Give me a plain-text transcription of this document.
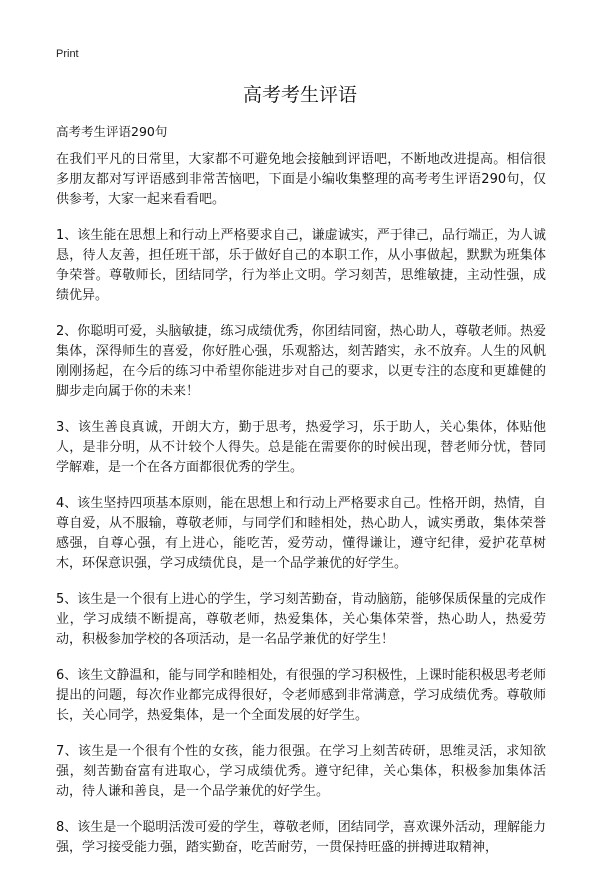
Print
高考考生评语
高考考生评语290句

在我们平凡的日常里，大家都不可避免地会接触到评语吧，不断地改进提高。相信很多朋友都对写评语感到非常苦恼吧，下面是小编收集整理的高考考生评语290句，仅供参考，大家一起来看看吧。

1、该生能在思想上和行动上严格要求自己，谦虚诚实，严于律己，品行端正，为人诚恳，待人友善，担任班干部，乐于做好自己的本职工作，从小事做起，默默为班集体争荣誉。尊敬师长，团结同学，行为举止文明。学习刻苦，思维敏捷，主动性强，成绩优异。

2、你聪明可爱，头脑敏捷，练习成绩优秀，你团结同窗，热心助人，尊敬老师。热爱集体，深得师生的喜爱，你好胜心强，乐观豁达，刻苦踏实，永不放弃。人生的风帆刚刚扬起，在今后的练习中希望你能进步对自己的要求，以更专注的态度和更雄健的脚步走向属于你的未来！

3、该生善良真诚，开朗大方，勤于思考，热爱学习，乐于助人，关心集体，体贴他人，是非分明，从不计较个人得失。总是能在需要你的时候出现，替老师分忧，替同学解难，是一个在各方面都很优秀的学生。

4、该生坚持四项基本原则，能在思想上和行动上严格要求自己。性格开朗，热情，自尊自爱，从不服输，尊敬老师，与同学们和睦相处，热心助人，诚实勇敢，集体荣誉感强，自尊心强，有上进心，能吃苦，爱劳动，懂得谦让，遵守纪律，爱护花草树木，环保意识强，学习成绩优良，是一个品学兼优的好学生。

5、该生是一个很有上进心的学生，学习刻苦勤奋，肯动脑筋，能够保质保量的完成作业，学习成绩不断提高，尊敬老师，热爱集体，关心集体荣誉，热心助人，热爱劳动，积极参加学校的各项活动，是一名品学兼优的好学生！

6、该生文静温和，能与同学和睦相处，有很强的学习积极性，上课时能积极思考老师提出的问题，每次作业都完成得很好，令老师感到非常满意，学习成绩优秀。尊敬师长，关心同学，热爱集体，是一个全面发展的好学生。

7、该生是一个很有个性的女孩，能力很强。在学习上刻苦砖研，思维灵活，求知欲强，刻苦勤奋富有进取心，学习成绩优秀。遵守纪律，关心集体，积极参加集体活动，待人谦和善良，是一个品学兼优的好学生。

8、该生是一个聪明活泼可爱的学生，尊敬老师，团结同学，喜欢课外活动，理解能力强，学习接受能力强，踏实勤奋，吃苦耐劳，一贯保持旺盛的拼搏进取精神，
